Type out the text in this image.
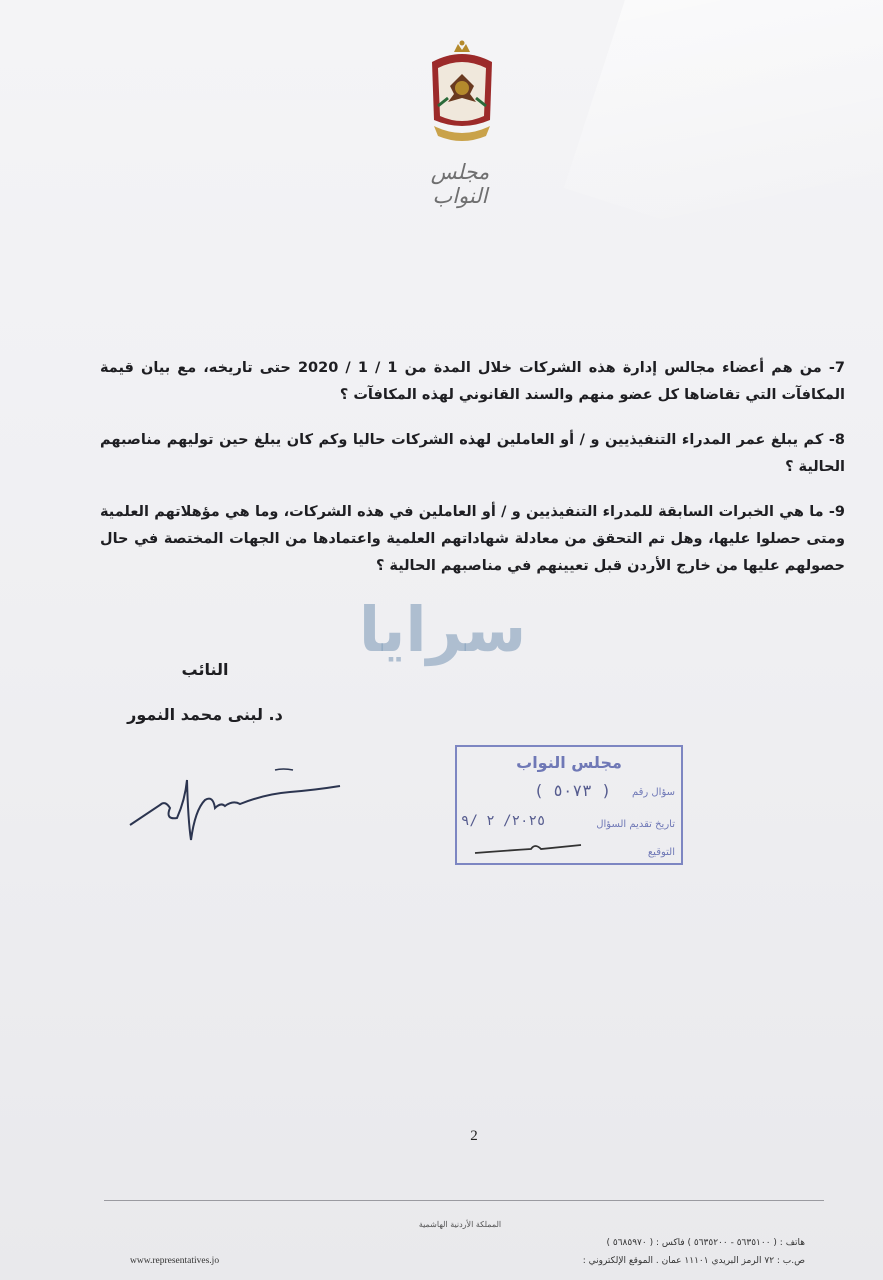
مجلس النواب

7- من هم أعضاء مجالس إدارة هذه الشركات خلال المدة من 1 / 1 / 2020 حتى تاريخه، مع بيان قيمة المكافآت التي تقاضاها كل عضو منهم والسند القانوني لهذه المكافآت ؟

8- كم يبلغ عمر المدراء التنفيذيين و / أو العاملين لهذه الشركات حاليا وكم كان يبلغ حين توليهم مناصبهم الحالية ؟

9- ما هي الخبرات السابقة للمدراء التنفيذيين و / أو العاملين في هذه الشركات، وما هي مؤهلاتهم العلمية ومتى حصلوا عليها، وهل تم التحقق من معادلة شهاداتهم العلمية واعتمادها من الجهات المختصة في حال حصولهم عليها من خارج الأردن قبل تعيينهم في مناصبهم الحالية ؟

سرايا
النائب
د. لبنى محمد النمور
مجلس النواب
سؤال رقم
( ٥٠٧٣ )
تاريخ تقديم السؤال
٢٠٢٥/ ٢ /٩
التوقيع
2
المملكة الأردنية الهاشمية
هاتف : ( ٥٦٣٥١٠٠ - ٥٦٣٥٢٠٠ ) فاكس : ( ٥٦٨٥٩٧٠ )
ص.ب : ٧٢ الرمز البريدي ١١١٠١ عمان . الموقع الإلكتروني :
www.representatives.jo
